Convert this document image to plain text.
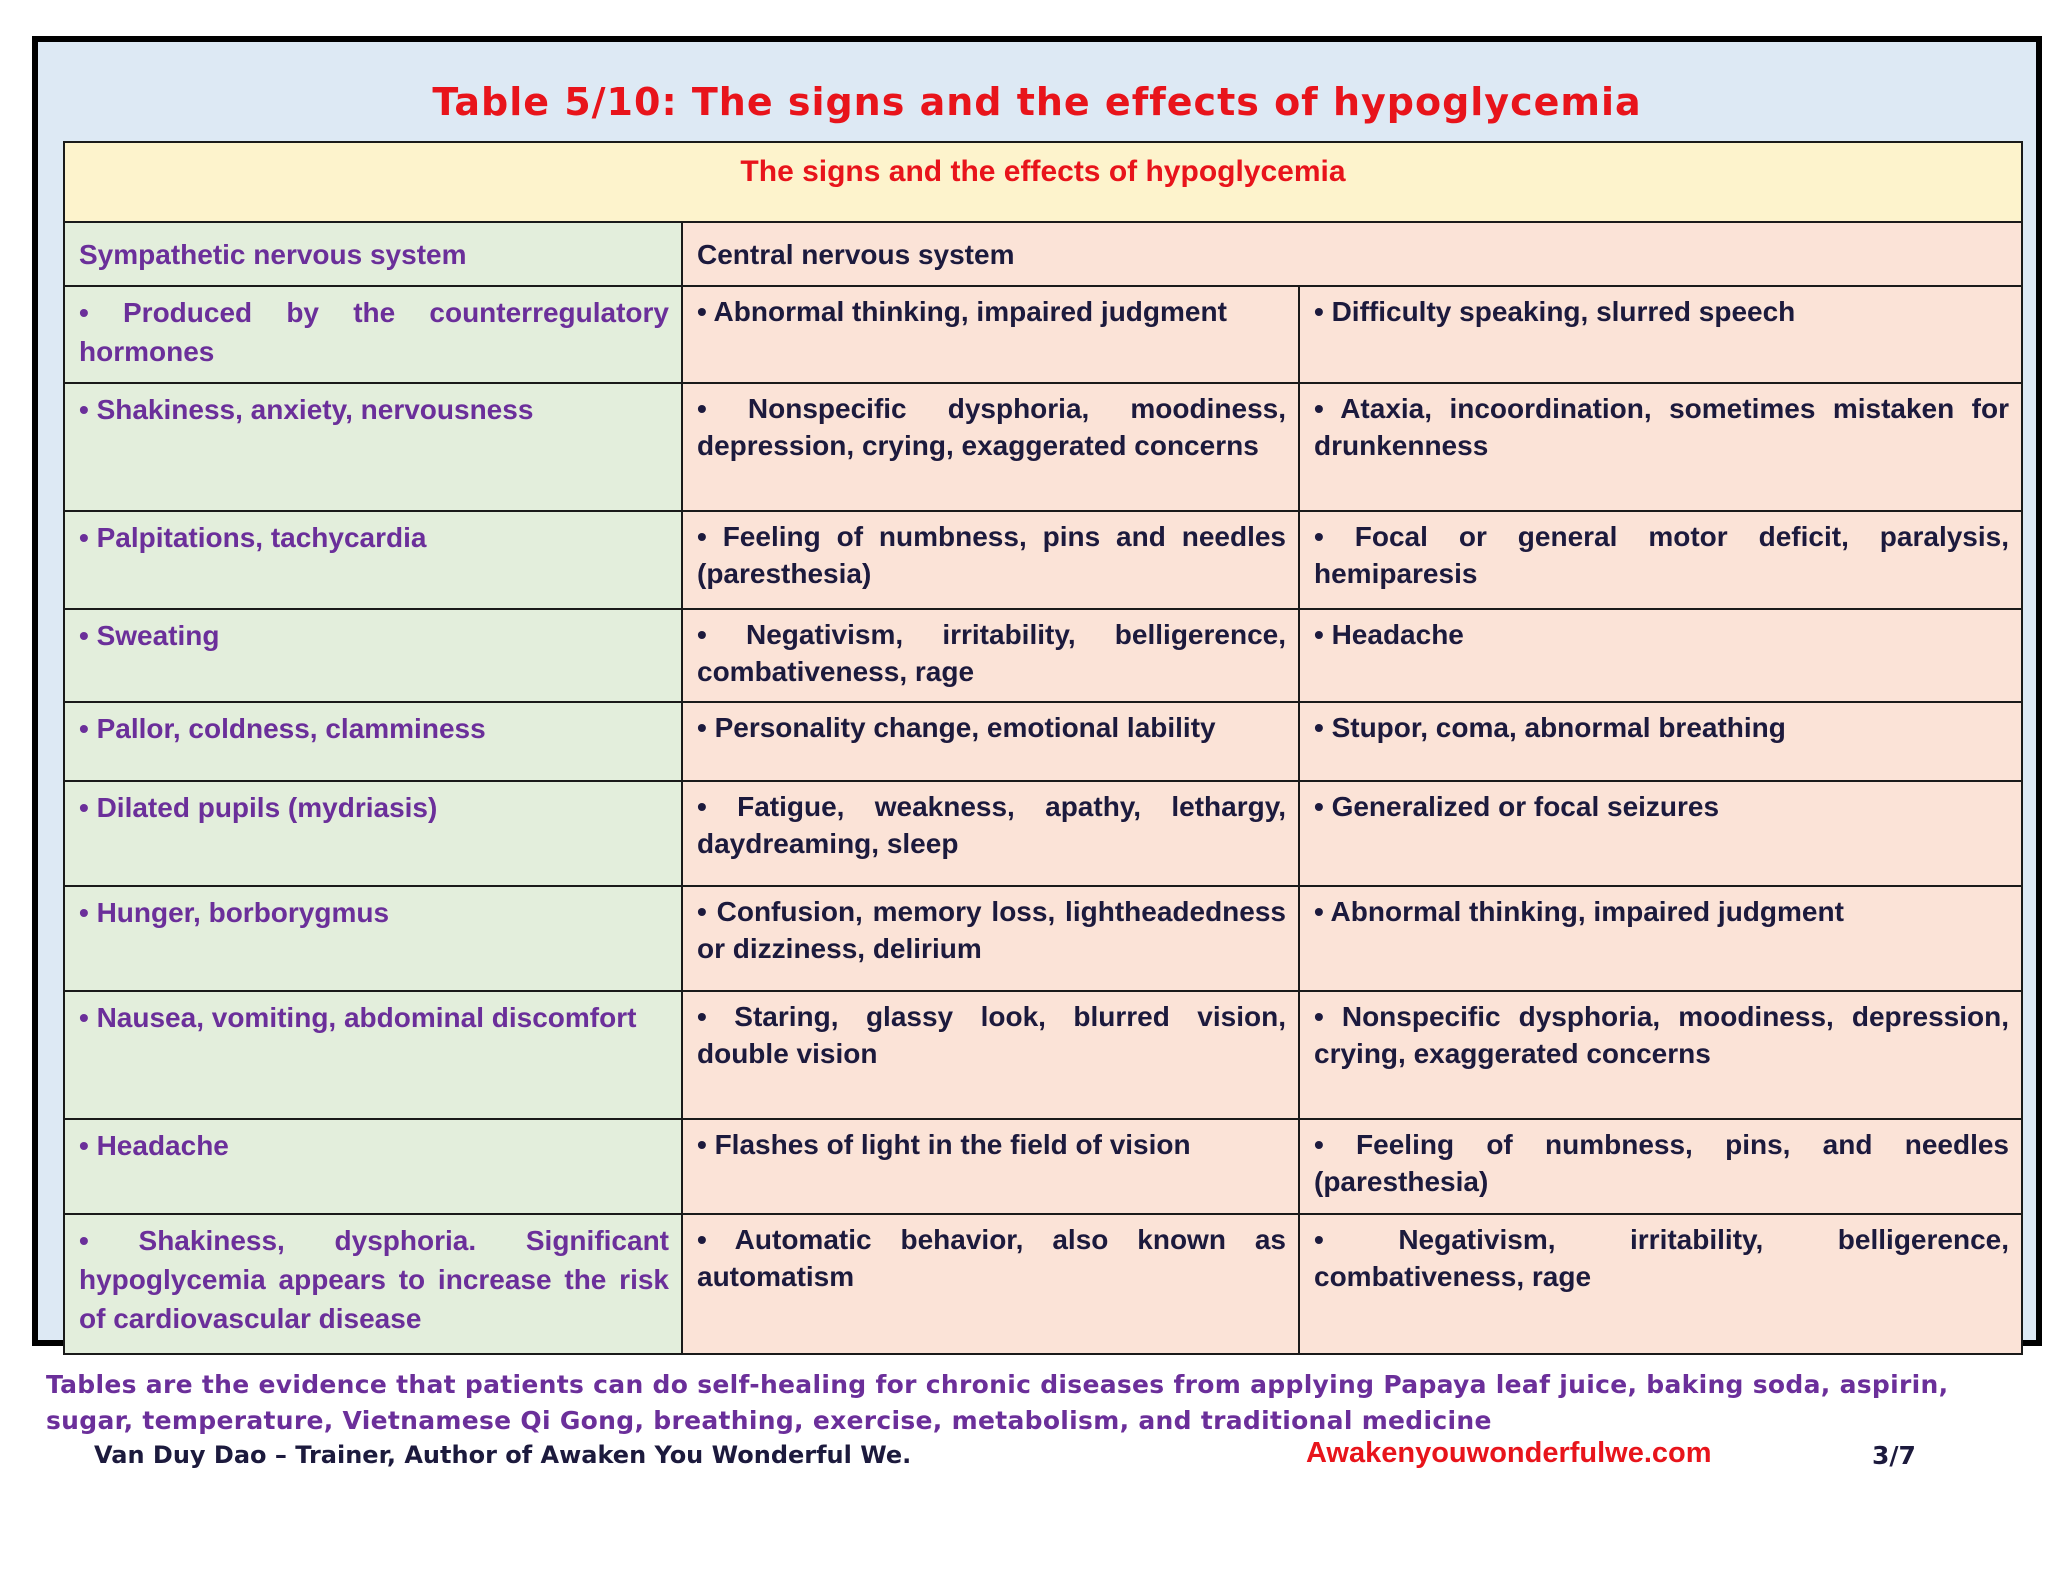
Table 5/10: The signs and the effects of hypoglycemia
The signs and the effects of hypoglycemia		
Sympathetic nervous system	Central nervous system	
• Produced by the counterregulatory hormones	• Abnormal thinking, impaired judgment	• Difficulty speaking, slurred speech
• Shakiness, anxiety, nervousness	• Nonspecific dysphoria, moodiness, depression, crying, exaggerated concerns	• Ataxia, incoordination, sometimes mistaken for drunkenness
• Palpitations, tachycardia	• Feeling of numbness, pins and needles (paresthesia)	• Focal or general motor deficit, paralysis, hemiparesis
• Sweating	• Negativism, irritability, belligerence, combativeness, rage	• Headache
• Pallor, coldness, clamminess	• Personality change, emotional lability	• Stupor, coma, abnormal breathing
• Dilated pupils (mydriasis)	• Fatigue, weakness, apathy, lethargy, daydreaming, sleep	• Generalized or focal seizures
• Hunger, borborygmus	• Confusion, memory loss, lightheadedness or dizziness, delirium	• Abnormal thinking, impaired judgment
• Nausea, vomiting, abdominal discomfort	• Staring, glassy look, blurred vision, double vision	• Nonspecific dysphoria, moodiness, depression, crying, exaggerated concerns
• Headache	• Flashes of light in the field of vision	• Feeling of numbness, pins, and needles (paresthesia)
• Shakiness, dysphoria. Significant hypoglycemia appears to increase the risk of cardiovascular disease	• Automatic behavior, also known as automatism	• Negativism, irritability, belligerence, combativeness, rage
Tables are the evidence that patients can do self-healing for chronic diseases from applying Papaya leaf juice, baking soda, aspirin, sugar, temperature, Vietnamese Qi Gong, breathing, exercise, metabolism, and traditional medicine
Van Duy Dao – Trainer, Author of Awaken You Wonderful We.	Awakenyouwonderfulwe.com	3/7
